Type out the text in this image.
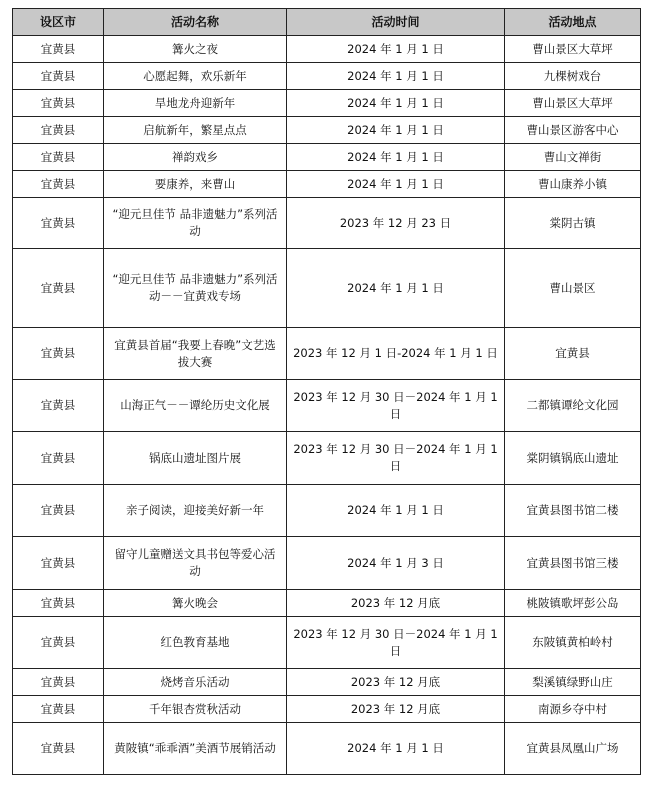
设区市	活动名称	活动时间	活动地点
宜黄县	篝火之夜	2024 年 1 月 1 日	曹山景区大草坪
宜黄县	心愿起舞，欢乐新年	2024 年 1 月 1 日	九棵树戏台
宜黄县	旱地龙舟迎新年	2024 年 1 月 1 日	曹山景区大草坪
宜黄县	启航新年，繁星点点	2024 年 1 月 1 日	曹山景区游客中心
宜黄县	禅韵戏乡	2024 年 1 月 1 日	曹山文禅街
宜黄县	要康养，来曹山	2024 年 1 月 1 日	曹山康养小镇
宜黄县	“迎元旦佳节 品非遗魅力”系列活动	2023 年 12 月 23 日	棠阴古镇
宜黄县	“迎元旦佳节 品非遗魅力”系列活动－－宜黄戏专场	2024 年 1 月 1 日	曹山景区
宜黄县	宜黄县首届“我要上春晚”文艺选拔大赛	2023 年 12 月 1 日-2024 年 1 月 1 日	宜黄县
宜黄县	山海正气－－谭纶历史文化展	2023 年 12 月 30 日－2024 年 1 月 1 日	二都镇谭纶文化园
宜黄县	锅底山遗址图片展	2023 年 12 月 30 日－2024 年 1 月 1 日	棠阴镇锅底山遗址
宜黄县	亲子阅读，迎接美好新一年	2024 年 1 月 1 日	宜黄县图书馆二楼
宜黄县	留守儿童赠送文具书包等爱心活动	2024 年 1 月 3 日	宜黄县图书馆三楼
宜黄县	篝火晚会	2023 年 12 月底	桃陂镇歌坪彭公岛
宜黄县	红色教育基地	2023 年 12 月 30 日－2024 年 1 月 1 日	东陂镇黄柏岭村
宜黄县	烧烤音乐活动	2023 年 12 月底	梨溪镇绿野山庄
宜黄县	千年银杏赏秋活动	2023 年 12 月底	南源乡夺中村
宜黄县	黄陂镇“乖乖酒”美酒节展销活动	2024 年 1 月 1 日	宜黄县凤凰山广场
